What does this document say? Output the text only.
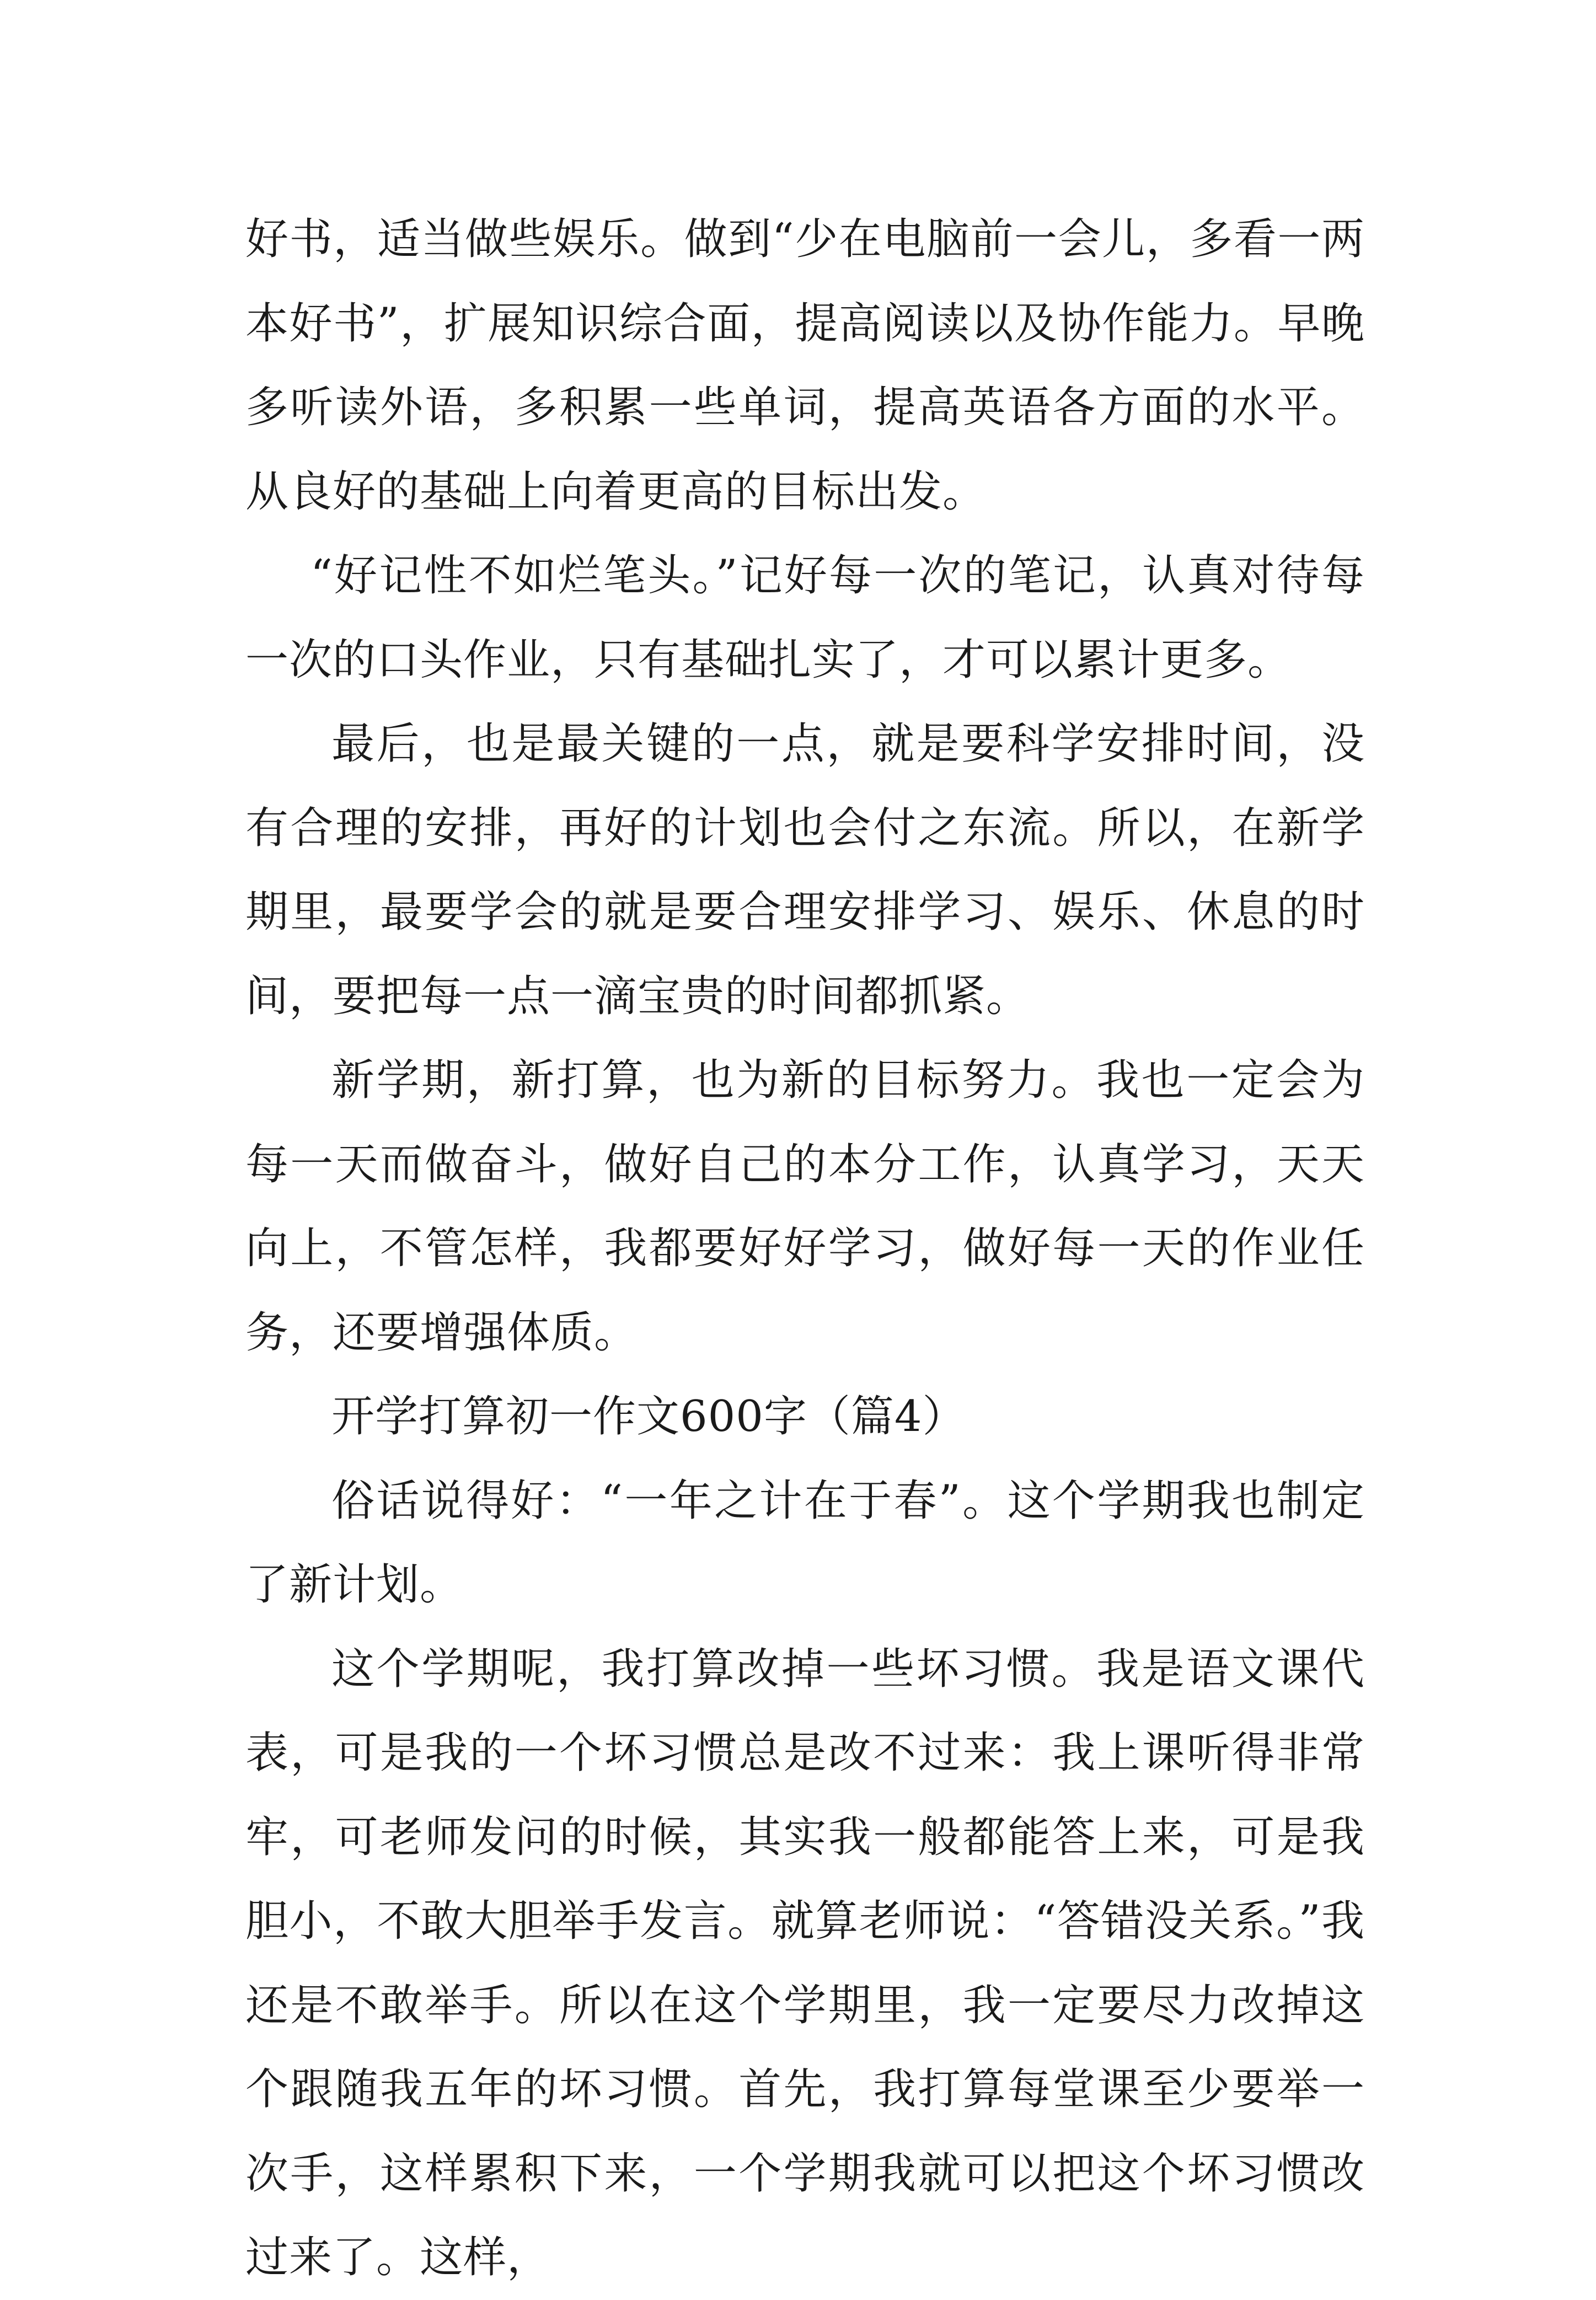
好书，适当做些娱乐。做到“少在电脑前一会儿，多看一两本好书”，扩展知识综合面，提高阅读以及协作能力。早晚多听读外语，多积累一些单词，提高英语各方面的水平。从良好的基础上向着更高的目标出发。

“好记性不如烂笔头。”记好每一次的笔记，认真对待每一次的口头作业，只有基础扎实了，才可以累计更多。

最后，也是最关键的一点，就是要科学安排时间，没有合理的安排，再好的计划也会付之东流。所以，在新学期里，最要学会的就是要合理安排学习、娱乐、休息的时间，要把每一点一滴宝贵的时间都抓紧。

新学期，新打算，也为新的目标努力。我也一定会为每一天而做奋斗，做好自己的本分工作，认真学习，天天向上，不管怎样，我都要好好学习，做好每一天的作业任务，还要增强体质。

开学打算初一作文600字（篇4）

俗话说得好：“一年之计在于春”。这个学期我也制定了新计划。

这个学期呢，我打算改掉一些坏习惯。我是语文课代表，可是我的一个坏习惯总是改不过来：我上课听得非常牢，可老师发问的时候，其实我一般都能答上来，可是我胆小，不敢大胆举手发言。就算老师说：“答错没关系。”我还是不敢举手。所以在这个学期里，我一定要尽力改掉这个跟随我五年的坏习惯。首先，我打算每堂课至少要举一次手，这样累积下来，一个学期我就可以把这个坏习惯改过来了。这样，
